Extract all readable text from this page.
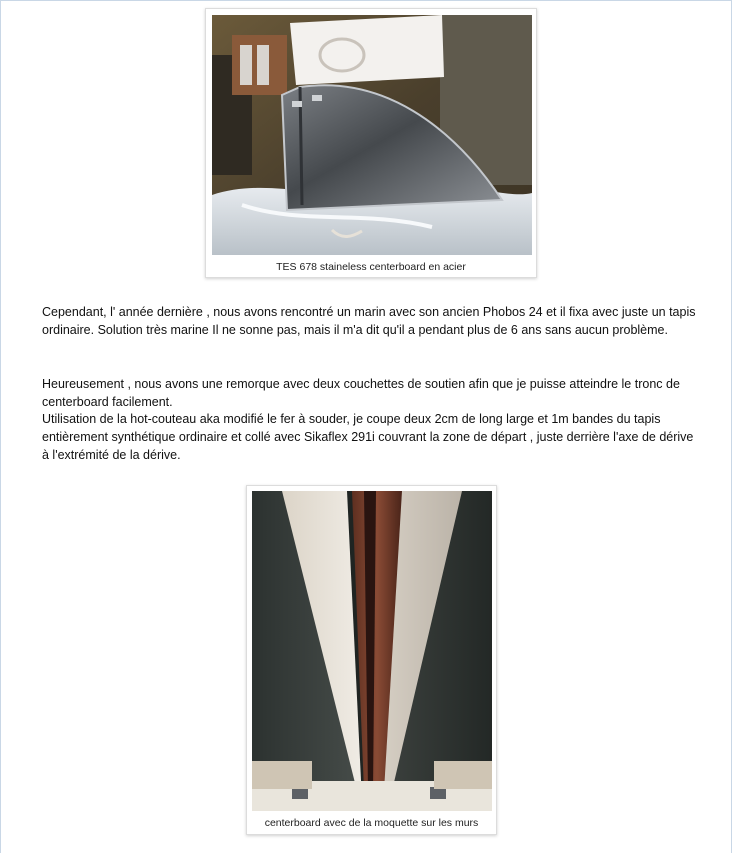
TES 678 staineless centerboard en acier

Cependant, l' année dernière , nous avons rencontré un marin avec son ancien Phobos 24 et il fixa avec juste un tapis ordinaire. Solution très marine Il ne sonne pas, mais il m'a dit qu'il a pendant plus de 6 ans sans aucun problème.

Heureusement , nous avons une remorque avec deux couchettes de soutien afin que je puisse atteindre le tronc de centerboard facilement.

Utilisation de la hot-couteau aka modifié le fer à souder, je coupe deux 2cm de long large et 1m bandes du tapis entièrement synthétique ordinaire et collé avec Sikaflex 291i couvrant la zone de départ , juste derrière l'axe de dérive à l'extrémité de la dérive.

centerboard avec de la moquette sur les murs
